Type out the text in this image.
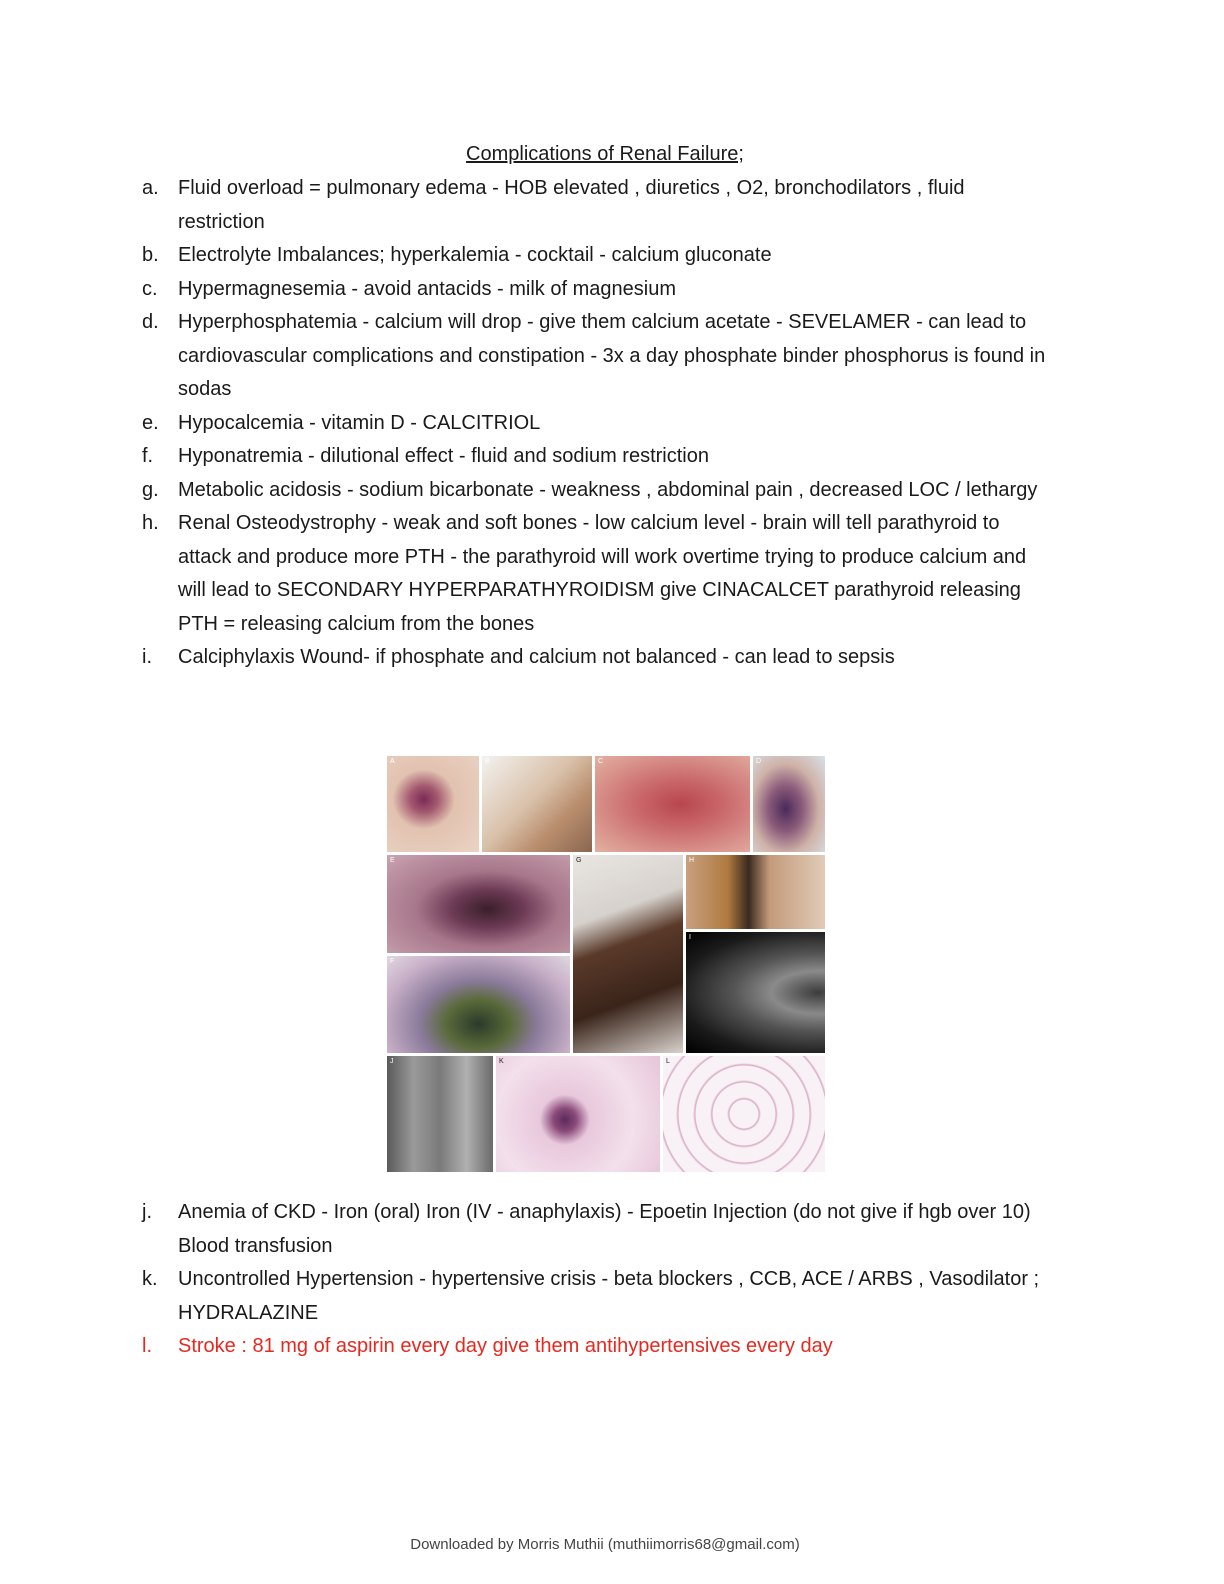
Complications of Renal Failure;
a. Fluid overload = pulmonary edema - HOB elevated , diuretics , O2, bronchodilators , fluid restriction
b. Electrolyte Imbalances; hyperkalemia - cocktail - calcium gluconate
c. Hypermagnesemia - avoid antacids - milk of magnesium
d. Hyperphosphatemia - calcium will drop - give them calcium acetate - SEVELAMER - can lead to cardiovascular complications and constipation - 3x a day phosphate binder phosphorus is found in sodas
e. Hypocalcemia - vitamin D - CALCITRIOL
f. Hyponatremia - dilutional effect - fluid and sodium restriction
g. Metabolic acidosis - sodium bicarbonate - weakness , abdominal pain , decreased LOC / lethargy
h. Renal Osteodystrophy - weak and soft bones - low calcium level - brain will tell parathyroid to attack and produce more PTH - the parathyroid will work overtime trying to produce calcium and will lead to SECONDARY HYPERPARATHYROIDISM give CINACALCET parathyroid releasing PTH = releasing calcium from the bones
i. Calciphylaxis Wound- if phosphate and calcium not balanced - can lead to sepsis
A	B	C	D
E	G	H
I
F
J	K	L
j. Anemia of CKD - Iron (oral) Iron (IV - anaphylaxis) - Epoetin Injection (do not give if hgb over 10) Blood transfusion
k. Uncontrolled Hypertension - hypertensive crisis - beta blockers , CCB, ACE / ARBS , Vasodilator ; HYDRALAZINE
l. Stroke : 81 mg of aspirin every day give them antihypertensives every day
Downloaded by Morris Muthii (muthiimorris68@gmail.com)
